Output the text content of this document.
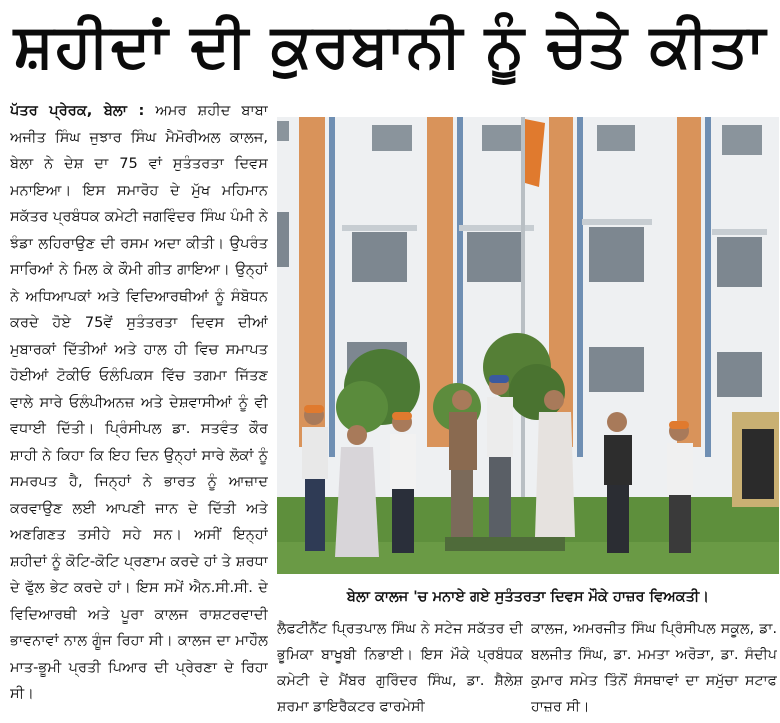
ਸ਼ਹੀਦਾਂ ਦੀ ਕੁਰਬਾਨੀ ਨੂੰ ਚੇਤੇ ਕੀਤਾ
ਪੱਤਰ ਪ੍ਰੇਰਕ, ਬੇਲਾ : ਅਮਰ ਸ਼ਹੀਦ ਬਾਬਾ ਅਜੀਤ ਸਿੰਘ ਜੁਝਾਰ ਸਿੰਘ ਮੈਮੋਰੀਅਲ ਕਾਲਜ, ਬੇਲਾ ਨੇ ਦੇਸ਼ ਦਾ 75 ਵਾਂ ਸੁਤੰਤਰਤਾ ਦਿਵਸ ਮਨਾਇਆ। ਇਸ ਸਮਾਰੋਹ ਦੇ ਮੁੱਖ ਮਹਿਮਾਨ ਸਕੱਤਰ ਪ੍ਰਬੰਧਕ ਕਮੇਟੀ ਜਗਵਿੰਦਰ ਸਿੰਘ ਪੰਮੀ ਨੇ ਝੰਡਾ ਲਹਿਰਾਉਣ ਦੀ ਰਸਮ ਅਦਾ ਕੀਤੀ। ਉਪਰੰਤ ਸਾਰਿਆਂ ਨੇ ਮਿਲ ਕੇ ਕੌਮੀ ਗੀਤ ਗਾਇਆ। ਉਨ੍ਹਾਂ ਨੇ ਅਧਿਆਪਕਾਂ ਅਤੇ ਵਿਦਿਆਰਥੀਆਂ ਨੂੰ ਸੰਬੋਧਨ ਕਰਦੇ ਹੋਏ 75ਵੇਂ ਸੁਤੰਤਰਤਾ ਦਿਵਸ ਦੀਆਂ ਮੁਬਾਰਕਾਂ ਦਿੱਤੀਆਂ ਅਤੇ ਹਾਲ ਹੀ ਵਿਚ ਸਮਾਪਤ ਹੋਈਆਂ ਟੋਕੀਓ ਓਲੰਪਿਕਸ ਵਿੱਚ ਤਗਮਾ ਜਿੱਤਣ ਵਾਲੇ ਸਾਰੇ ਓਲੰਪੀਅਨਜ਼ ਅਤੇ ਦੇਸ਼ਵਾਸੀਆਂ ਨੂੰ ਵੀ ਵਧਾਈ ਦਿੱਤੀ। ਪ੍ਰਿੰਸੀਪਲ ਡਾ. ਸਤਵੰਤ ਕੌਰ ਸ਼ਾਹੀ ਨੇ ਕਿਹਾ ਕਿ ਇਹ ਦਿਨ ਉਨ੍ਹਾਂ ਸਾਰੇ ਲੋਕਾਂ ਨੂੰ ਸਮਰਪਤ ਹੈ, ਜਿਨ੍ਹਾਂ ਨੇ ਭਾਰਤ ਨੂੰ ਆਜ਼ਾਦ ਕਰਵਾਉਣ ਲਈ ਆਪਣੀ ਜਾਨ ਦੇ ਦਿੱਤੀ ਅਤੇ ਅਣਗਿਣਤ ਤਸੀਹੇ ਸਹੇ ਸਨ। ਅਸੀਂ ਇਨ੍ਹਾਂ ਸ਼ਹੀਦਾਂ ਨੂੰ ਕੋਟਿ-ਕੋਟਿ ਪ੍ਰਣਾਮ ਕਰਦੇ ਹਾਂ ਤੇ ਸ਼ਰਧਾ ਦੇ ਫੁੱਲ ਭੇਟ ਕਰਦੇ ਹਾਂ। ਇਸ ਸਮੇਂ ਐਨ.ਸੀ.ਸੀ. ਦੇ ਵਿਦਿਆਰਥੀ ਅਤੇ ਪੂਰਾ ਕਾਲਜ ਰਾਸ਼ਟਰਵਾਦੀ ਭਾਵਨਾਵਾਂ ਨਾਲ ਗੂੰਜ ਰਿਹਾ ਸੀ। ਕਾਲਜ ਦਾ ਮਾਹੌਲ ਮਾਤ-ਭੂਮੀ ਪ੍ਰਤੀ ਪਿਆਰ ਦੀ ਪ੍ਰੇਰਣਾ ਦੇ ਰਿਹਾ ਸੀ।
ਬੇਲਾ ਕਾਲਜ 'ਚ ਮਨਾਏ ਗਏ ਸੁਤੰਤਰਤਾ ਦਿਵਸ ਮੌਕੇ ਹਾਜ਼ਰ ਵਿਅਕਤੀ।
ਲੈਫਟੀਨੈਂਟ ਪ੍ਰਿਤਪਾਲ ਸਿੰਘ ਨੇ ਸਟੇਜ ਸਕੱਤਰ ਦੀ ਭੂਮਿਕਾ ਬਾਖੂਬੀ ਨਿਭਾਈ। ਇਸ ਮੌਕੇ ਪ੍ਰਬੰਧਕ ਕਮੇਟੀ ਦੇ ਮੈਂਬਰ ਗੁਰਿੰਦਰ ਸਿੰਘ, ਡਾ. ਸ਼ੈਲੇਸ਼ ਸ਼ਰਮਾ ਡਾਇਰੈਕਟਰ ਫਾਰਮੇਸੀ
ਕਾਲਜ, ਅਮਰਜੀਤ ਸਿੰਘ ਪ੍ਰਿੰਸੀਪਲ ਸਕੂਲ, ਡਾ. ਬਲਜੀਤ ਸਿੰਘ, ਡਾ. ਮਮਤਾ ਅਰੋੜਾ, ਡਾ. ਸੰਦੀਪ ਕੁਮਾਰ ਸਮੇਤ ਤਿੰਨੋਂ ਸੰਸਥਾਵਾਂ ਦਾ ਸਮੁੱਚਾ ਸਟਾਫ ਹਾਜ਼ਰ ਸੀ।
